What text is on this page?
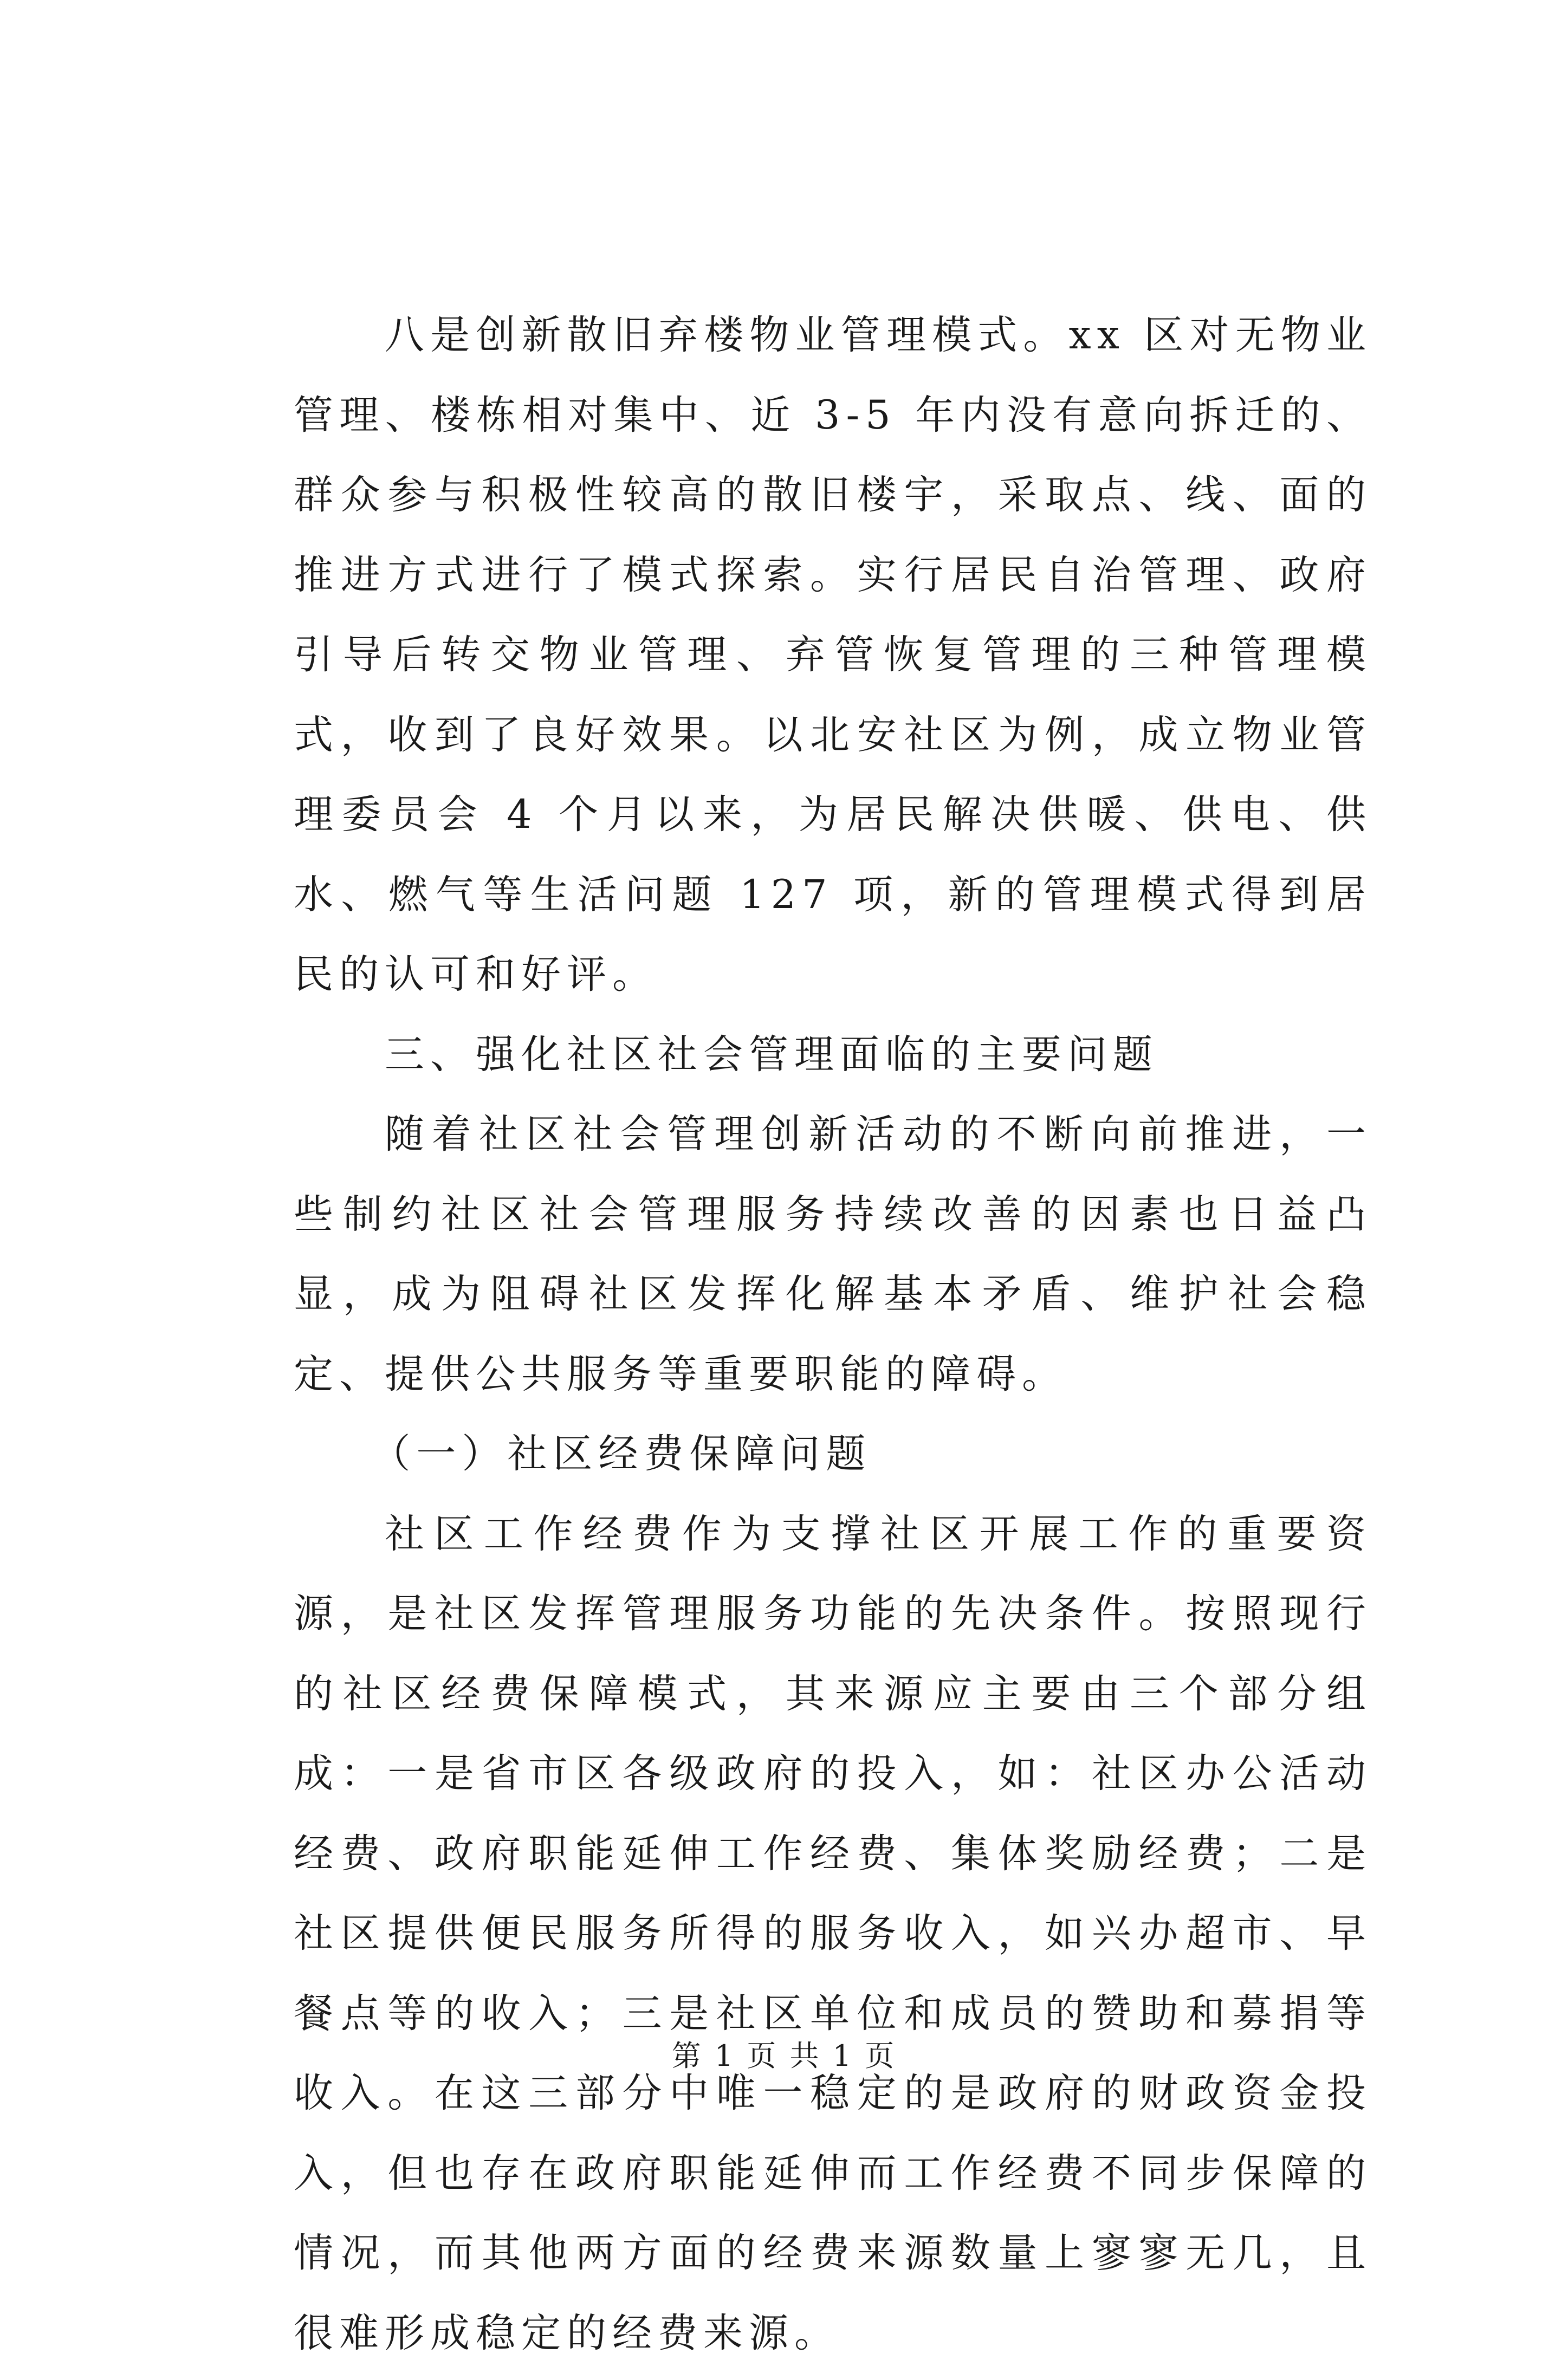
八是创新散旧弃楼物业管理模式。xx 区对无物业管理、楼栋相对集中、近 3-5 年内没有意向拆迁的、群众参与积极性较高的散旧楼宇，采取点、线、面的推进方式进行了模式探索。实行居民自治管理、政府引导后转交物业管理、弃管恢复管理的三种管理模式，收到了良好效果。以北安社区为例，成立物业管理委员会 4 个月以来，为居民解决供暖、供电、供水、燃气等生活问题 127 项，新的管理模式得到居民的认可和好评。

三、强化社区社会管理面临的主要问题

随着社区社会管理创新活动的不断向前推进，一些制约社区社会管理服务持续改善的因素也日益凸显，成为阻碍社区发挥化解基本矛盾、维护社会稳定、提供公共服务等重要职能的障碍。

（一）社区经费保障问题

社区工作经费作为支撑社区开展工作的重要资源，是社区发挥管理服务功能的先决条件。按照现行的社区经费保障模式，其来源应主要由三个部分组成：一是省市区各级政府的投入，如：社区办公活动经费、政府职能延伸工作经费、集体奖励经费；二是社区提供便民服务所得的服务收入，如兴办超市、早餐点等的收入；三是社区单位和成员的赞助和募捐等收入。在这三部分中唯一稳定的是政府的财政资金投入，但也存在政府职能延伸而工作经费不同步保障的情况，而其他两方面的经费来源数量上寥寥无几，且很难形成稳定的经费来源。

第 1 页 共 1 页
